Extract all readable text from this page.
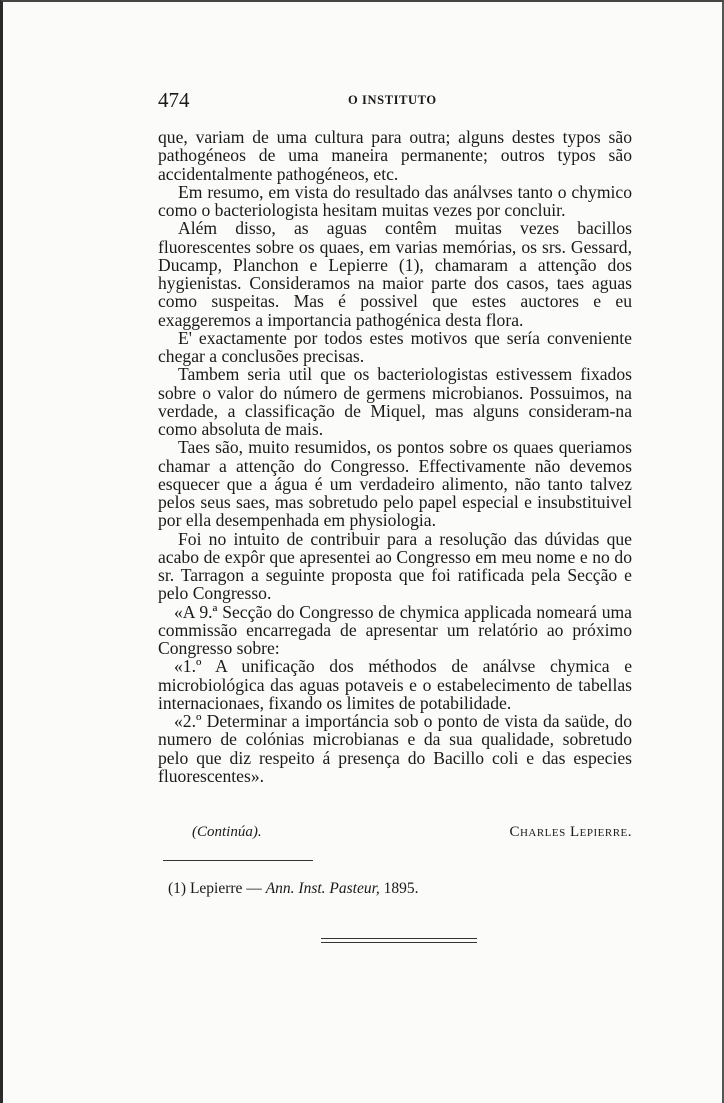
474	O INSTITUTO

que, variam de uma cultura para outra; alguns destes typos são pathogéneos de uma maneira permanente; outros typos são accidentalmente pathogéneos, etc.

Em resumo, em vista do resultado das análvses tanto o chymico como o bacteriologista hesitam muitas vezes por concluir.

Além disso, as aguas contêm muitas vezes bacillos fluorescentes sobre os quaes, em varias memórias, os srs. Gessard, Ducamp, Planchon e Lepierre (1), chamaram a attenção dos hygienistas. Consideramos na maior parte dos casos, taes aguas como suspeitas. Mas é possivel que estes auctores e eu exaggeremos a importancia pathogénica desta flora.

E' exactamente por todos estes motivos que sería conveniente chegar a conclusões precisas.

Tambem seria util que os bacteriologistas estivessem fixados sobre o valor do número de germens microbianos. Possuimos, na verdade, a classificação de Miquel, mas alguns consideram-na como absoluta de mais.

Taes são, muito resumidos, os pontos sobre os quaes queriamos chamar a attenção do Congresso. Effectivamente não devemos esquecer que a água é um verdadeiro alimento, não tanto talvez pelos seus saes, mas sobretudo pelo papel especial e insubstituivel por ella desempenhada em physiologia.

Foi no intuito de contribuir para a resolução das dúvidas que acabo de expôr que apresentei ao Congresso em meu nome e no do sr. Tarragon a seguinte proposta que foi ratificada pela Secção e pelo Congresso.

«A 9.ª Secção do Congresso de chymica applicada nomeará uma commissão encarregada de apresentar um relatório ao próximo Congresso sobre:

«1.º A unificação dos méthodos de análvse chymica e microbiológica das aguas potaveis e o estabelecimento de tabellas internacionaes, fixando os limites de potabilidade.

«2.º Determinar a importáncia sob o ponto de vista da saüde, do numero de colónias microbianas e da sua qualidade, sobretudo pelo que diz respeito á presença do Bacillo coli e das especies fluorescentes».

(Continúa).	Charles Lepierre.
(1) Lepierre — Ann. Inst. Pasteur, 1895.
